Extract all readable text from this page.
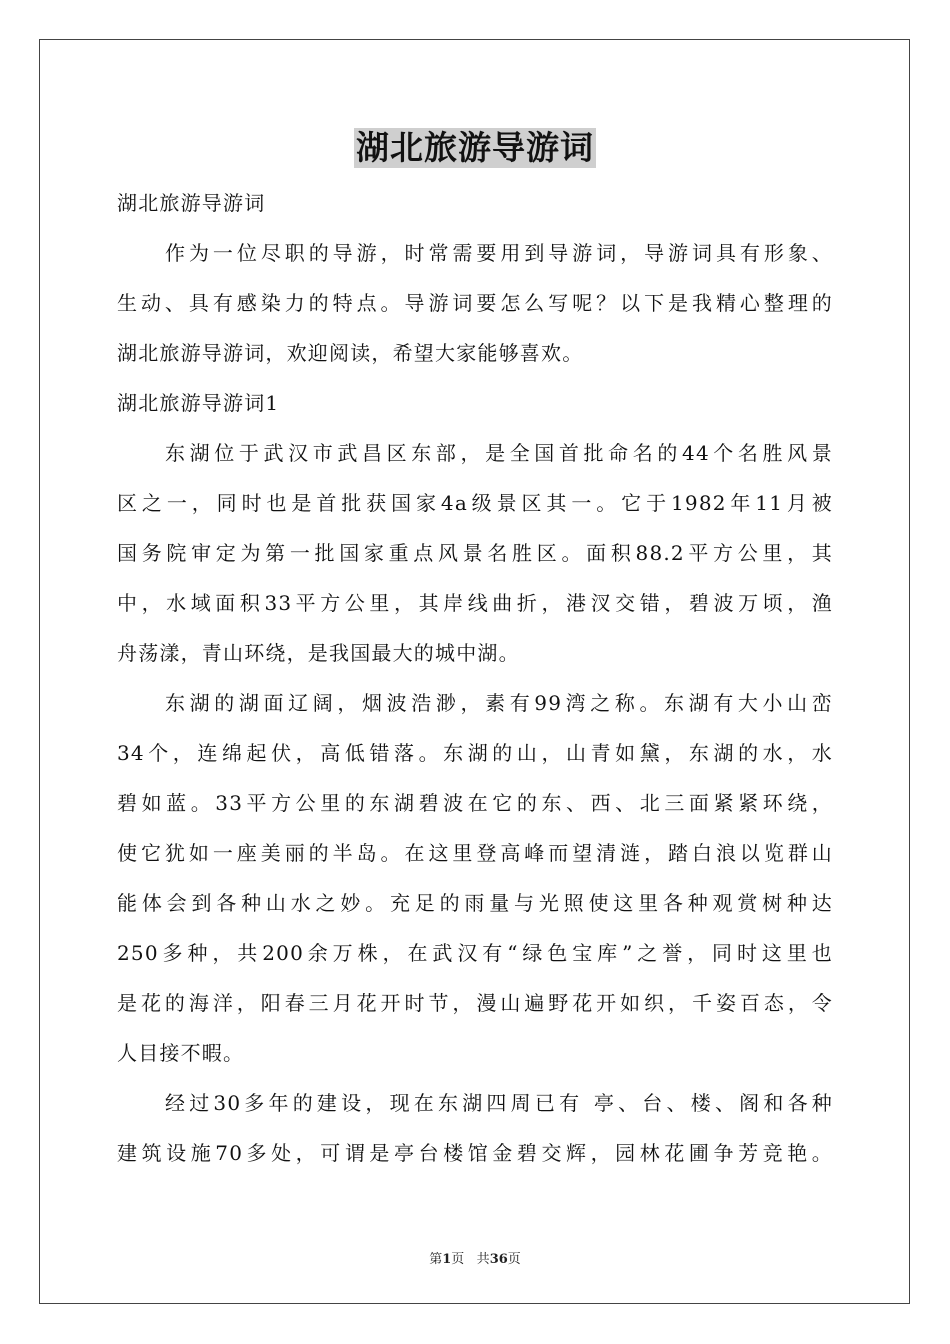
湖北旅游导游词
湖北旅游导游词
作为一位尽职的导游，时常需要用到导游词，导游词具有形象、
生动、具有感染力的特点。导游词要怎么写呢？以下是我精心整理的
湖北旅游导游词，欢迎阅读，希望大家能够喜欢。
湖北旅游导游词1
东湖位于武汉市武昌区东部，是全国首批命名的44个名胜风景
区之一，同时也是首批获国家4a级景区其一。它于1982年11月被
国务院审定为第一批国家重点风景名胜区。面积88.2平方公里，其
中，水域面积33平方公里，其岸线曲折，港汊交错，碧波万顷，渔
舟荡漾，青山环绕，是我国最大的城中湖。
东湖的湖面辽阔，烟波浩渺，素有99湾之称。东湖有大小山峦
34个，连绵起伏，高低错落。东湖的山，山青如黛，东湖的水，水
碧如蓝。33平方公里的东湖碧波在它的东、西、北三面紧紧环绕，
使它犹如一座美丽的半岛。在这里登高峰而望清涟，踏白浪以览群山
能体会到各种山水之妙。充足的雨量与光照使这里各种观赏树种达
250多种，共200余万株，在武汉有“绿色宝库”之誉，同时这里也
是花的海洋，阳春三月花开时节，漫山遍野花开如织，千姿百态，令
人目接不暇。
经过30多年的建设，现在东湖四周已有 亭、台、楼、阁和各种
建筑设施70多处，可谓是亭台楼馆金碧交辉，园林花圃争芳竞艳。
第1页 共36页
